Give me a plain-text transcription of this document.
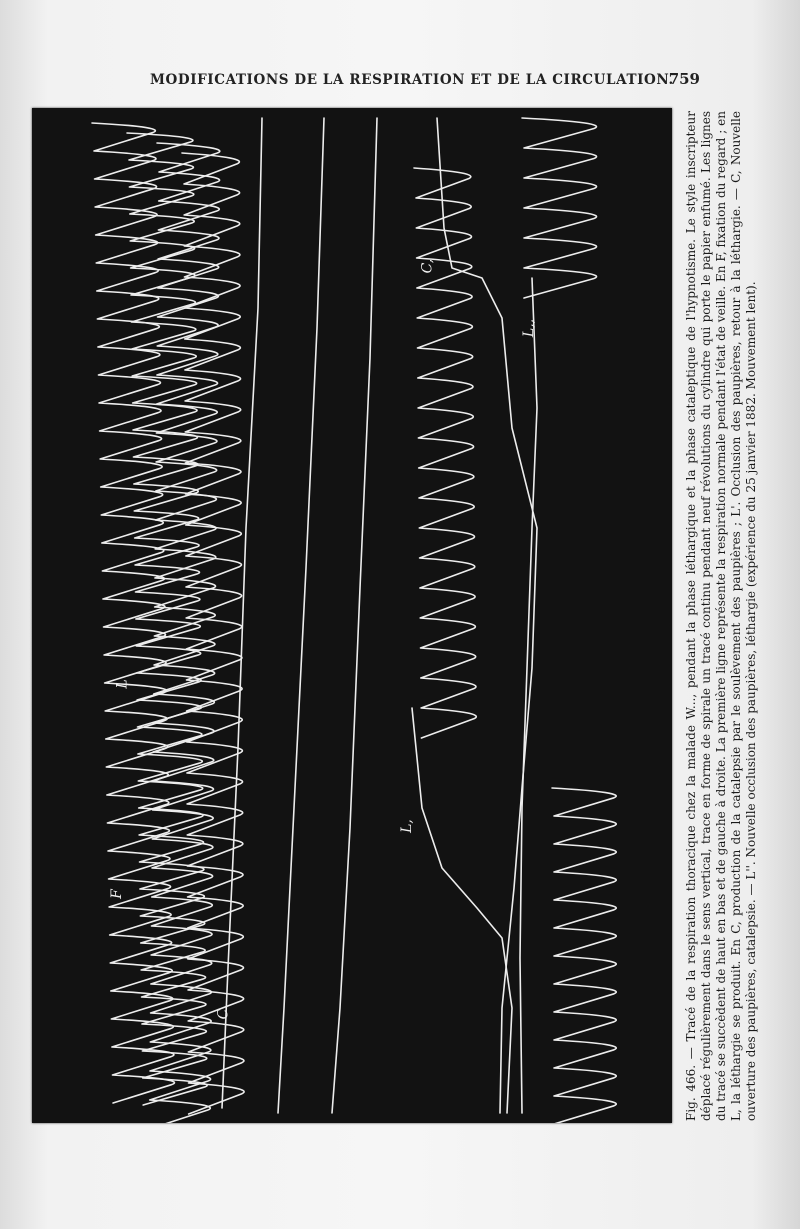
MODIFICATIONS DE LA RESPIRATION ET DE LA CIRCULATION.
759
C
F
L
L,
L,,
C,	Fig. 466. — Tracé de la respiration thoracique chez la malade W..., pendant la phase léthargique et la phase cataleptique de l'hypnotisme. Le style inscripteur déplacé régulièrement dans le sens vertical, trace en forme de spirale un tracé continu pendant neuf révolutions du cylindre qui porte le papier enfumé. Les lignes du tracé se succèdent de haut en bas et de gauche à droite. La première ligne représente la respiration normale pendant l'état de veille. En F, fixation du regard ; en L, la léthargie se produit. En C, production de la catalepsie par le soulèvement des paupières ; L'. Occlusion des paupières, retour à la léthargie. — C, Nouvelle ouverture des paupières, catalepsie. — L''. Nouvelle occlusion des paupières, léthargie (expérience du 25 janvier 1882. Mouvement lent).
